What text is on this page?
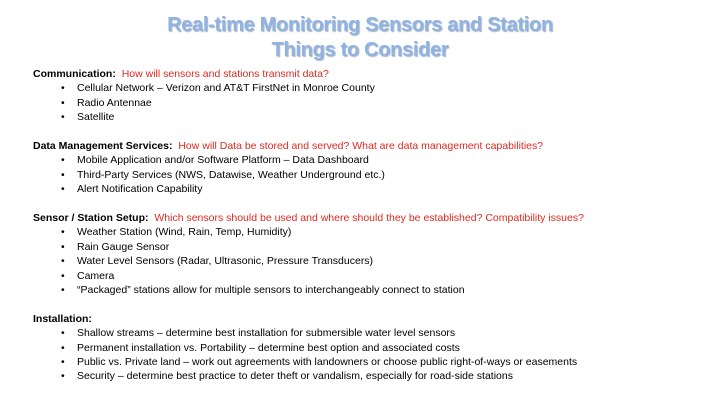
Real-time Monitoring Sensors and Station
Things to Consider
Communication: How will sensors and stations transmit data?
• Cellular Network – Verizon and AT&T FirstNet in Monroe County
• Radio Antennae
• Satellite
Data Management Services: How will Data be stored and served? What are data management capabilities?
• Mobile Application and/or Software Platform – Data Dashboard
• Third-Party Services (NWS, Datawise, Weather Underground etc.)
• Alert Notification Capability
Sensor / Station Setup: Which sensors should be used and where should they be established? Compatibility issues?
• Weather Station (Wind, Rain, Temp, Humidity)
• Rain Gauge Sensor
• Water Level Sensors (Radar, Ultrasonic, Pressure Transducers)
• Camera
• “Packaged” stations allow for multiple sensors to interchangeably connect to station
Installation:
• Shallow streams – determine best installation for submersible water level sensors
• Permanent installation vs. Portability – determine best option and associated costs
• Public vs. Private land – work out agreements with landowners or choose public right-of-ways or easements
• Security – determine best practice to deter theft or vandalism, especially for road-side stations
